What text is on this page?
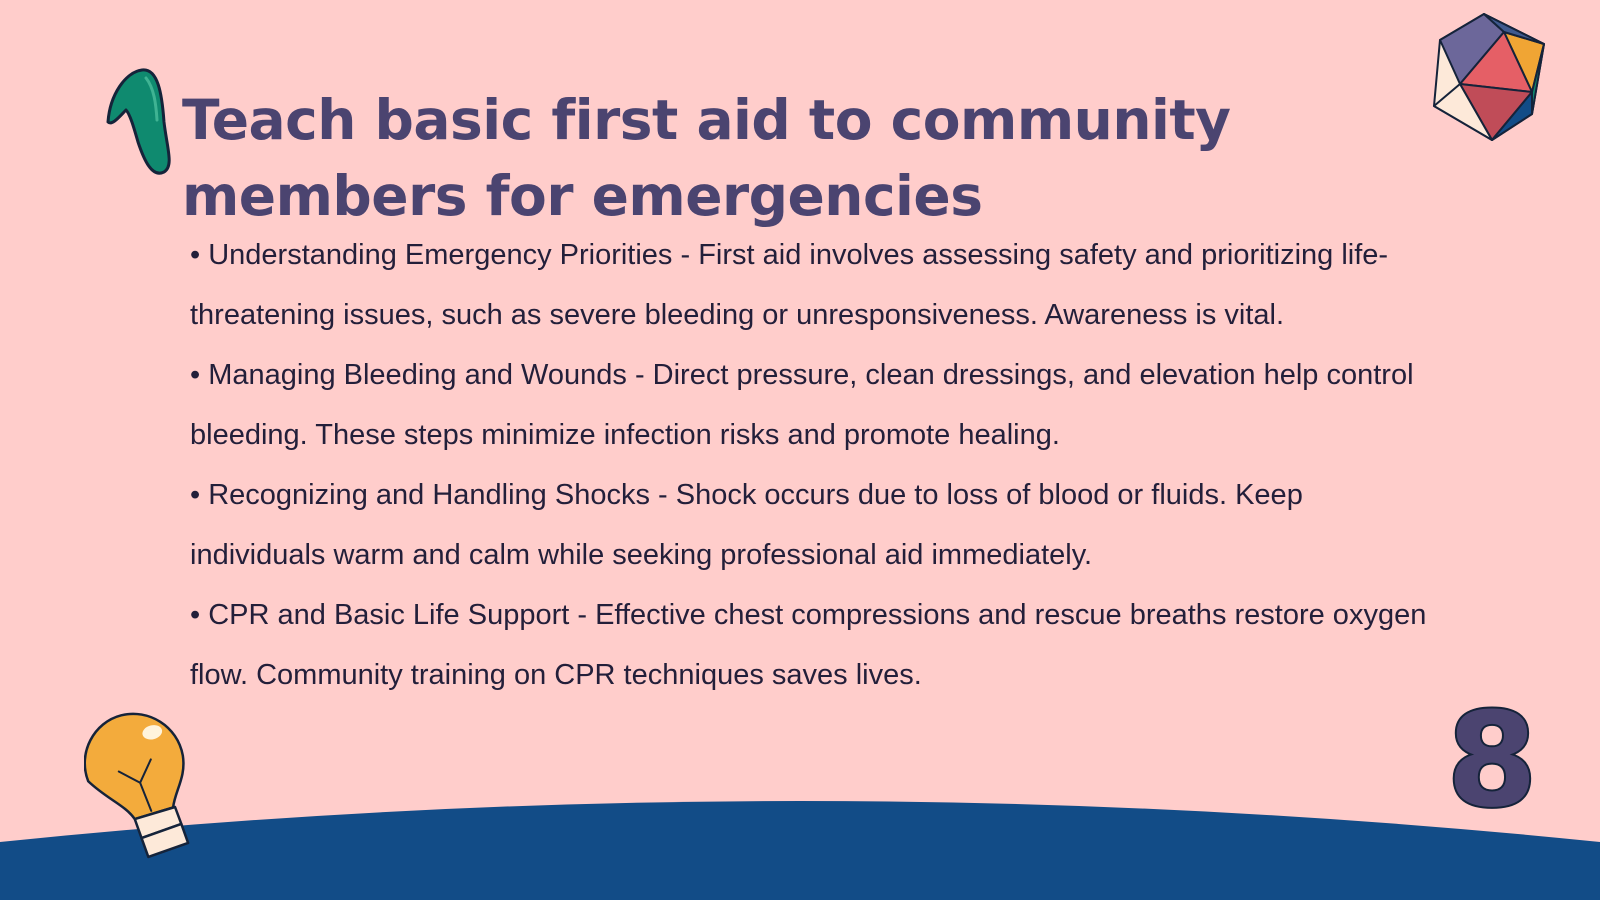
Teach basic first aid to community members for emergencies

• Understanding Emergency Priorities - First aid involves assessing safety and prioritizing life-threatening issues, such as severe bleeding or unresponsiveness. Awareness is vital.

• Managing Bleeding and Wounds - Direct pressure, clean dressings, and elevation help control bleeding. These steps minimize infection risks and promote healing.

• Recognizing and Handling Shocks - Shock occurs due to loss of blood or fluids. Keep individuals warm and calm while seeking professional aid immediately.

• CPR and Basic Life Support - Effective chest compressions and rescue breaths restore oxygen flow. Community training on CPR techniques saves lives.

8
